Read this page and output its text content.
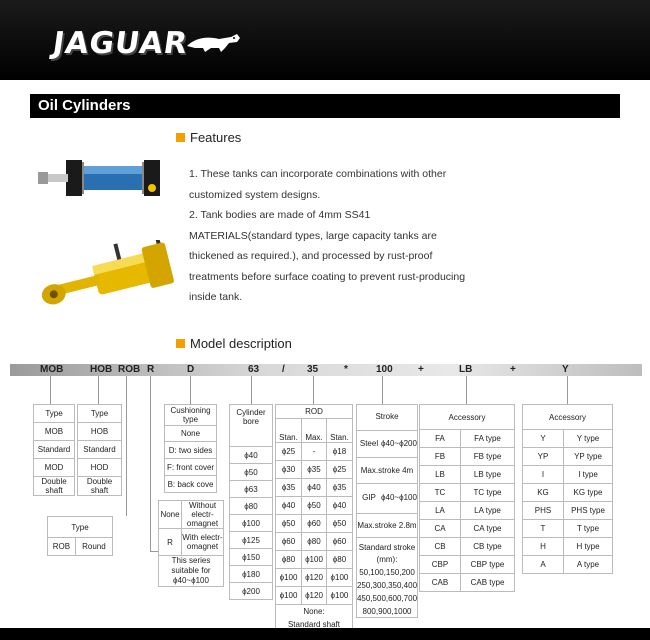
JAGUAR
Oil Cylinders
Features

1. These tanks can incorporate combinations with other customized system designs.

2. Tank bodies are made of 4mm SS41 MATERIALS(standard types, large capacity tanks are thickened as required.), and processed by rust-proof treatments before surface coating to prevent rust-producing inside tank.

Model description
MOB	HOB ROB R	D	63 / 35	*	100	+	LB	+	Y
Type
MOB
Standard
MOD
Double shaft
Type
HOB
Standard
HOD
Double shaft
Type
ROB	Round
Cushioning type
None
D: two sides
F: front cover
B: back cove
None	Without electr-omagnet
R	With electr-omagnet
This series suitable for ϕ40~ϕ100	
Cylinder bore
ϕ40
ϕ50
ϕ63
ϕ80
ϕ100
ϕ125
ϕ150
ϕ180
ϕ200
ROD		
Stan.	Max.	Stan.
ϕ25	-	ϕ18
ϕ30	ϕ35	ϕ25
ϕ35	ϕ40	ϕ35
ϕ40	ϕ50	ϕ40
ϕ50	ϕ60	ϕ50
ϕ60	ϕ80	ϕ60
ϕ80	ϕ100	ϕ80
ϕ100	ϕ120	ϕ100
ϕ100	ϕ120	ϕ100
None:		
Standard shaft		
Stroke
Steel ϕ40~ϕ200
Max.stroke 4m
GIP ϕ40~ϕ100
Max.stroke 2.8m
Standard stroke (mm):
50,100,150,200
250,300,350,400
450,500,600,700
800,900,1000
Accessory	
FA	FA type
FB	FB type
LB	LB type
TC	TC type
LA	LA type
CA	CA type
CB	CB type
CBP	CBP type
CAB	CAB type
Accessory	
Y	Y type
YP	YP type
I	I type
KG	KG type
PHS	PHS type
T	T type
H	H type
A	A type
